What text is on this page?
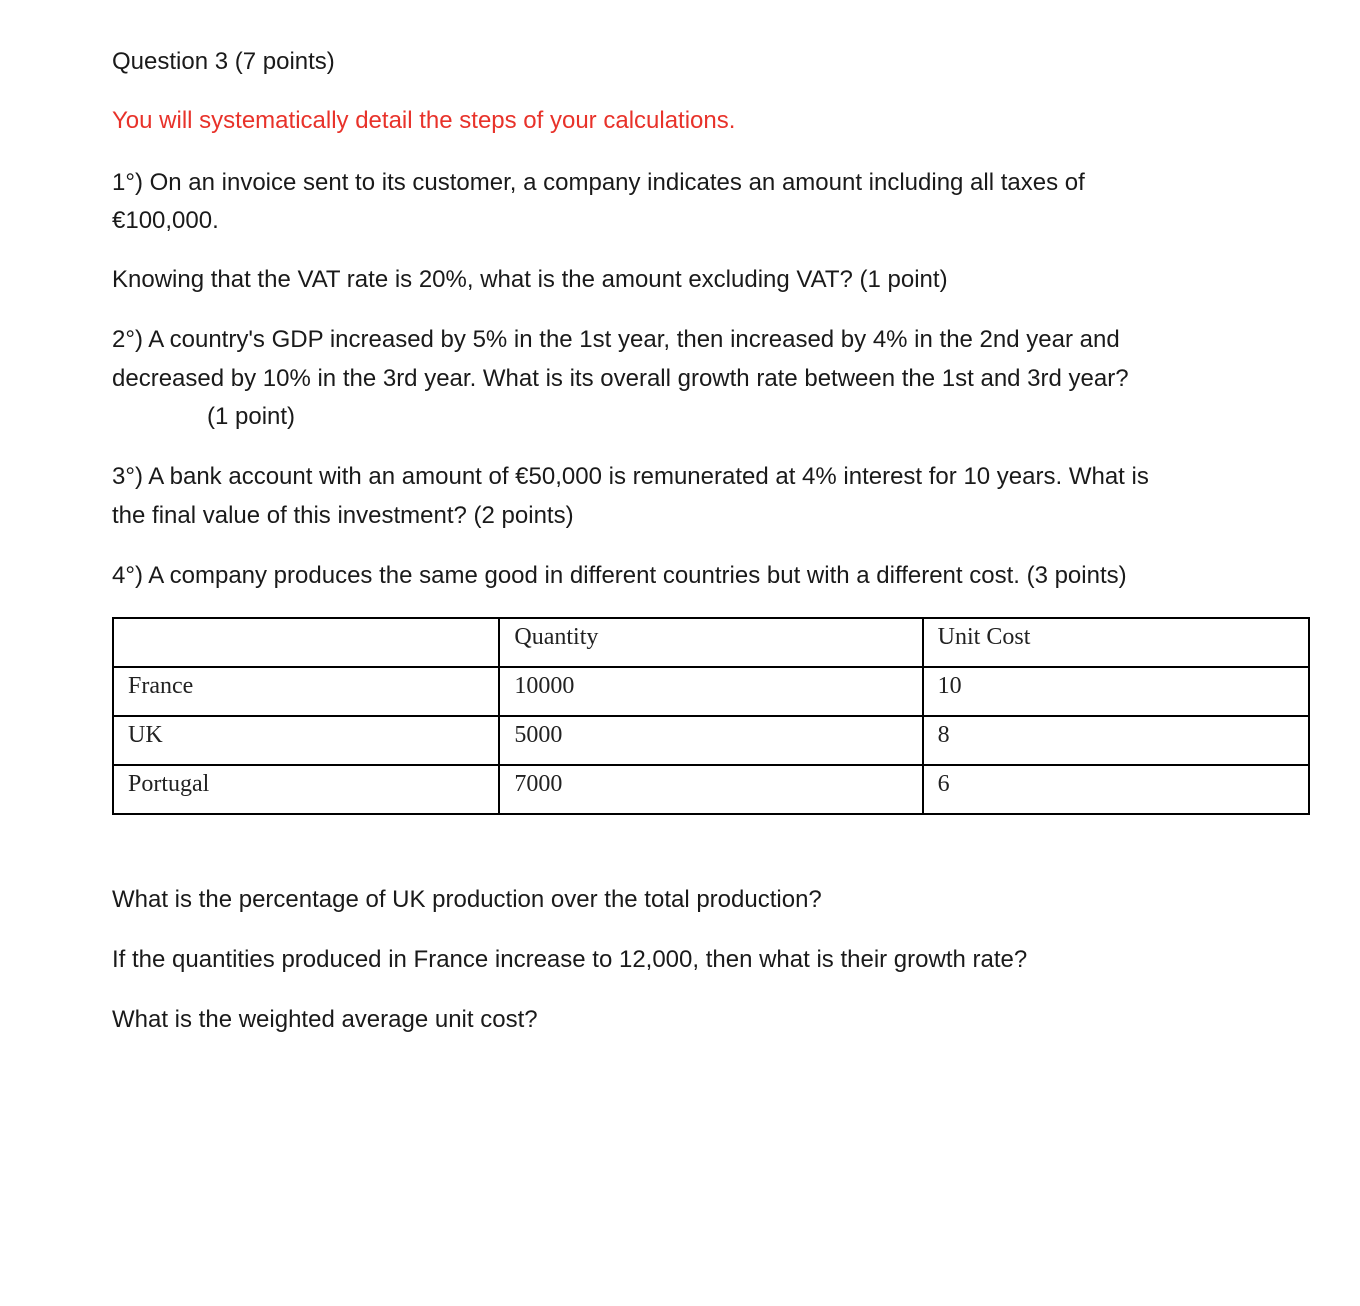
Question 3 (7 points)

You will systematically detail the steps of your calculations.

1°) On an invoice sent to its customer, a company indicates an amount including all taxes of

€100,000.

Knowing that the VAT rate is 20%, what is the amount excluding VAT? (1 point)

2°) A country's GDP increased by 5% in the 1st year, then increased by 4% in the 2nd year and

decreased by 10% in the 3rd year. What is its overall growth rate between the 1st and 3rd year?

(1 point)

3°) A bank account with an amount of €50,000 is remunerated at 4% interest for 10 years. What is

the final value of this investment? (2 points)

4°) A company produces the same good in different countries but with a different cost. (3 points)

What is the percentage of UK production over the total production?

If the quantities produced in France increase to 12,000, then what is their growth rate?

What is the weighted average unit cost?

	Quantity	Unit Cost
France	10000	10
UK	5000	8
Portugal	7000	6
